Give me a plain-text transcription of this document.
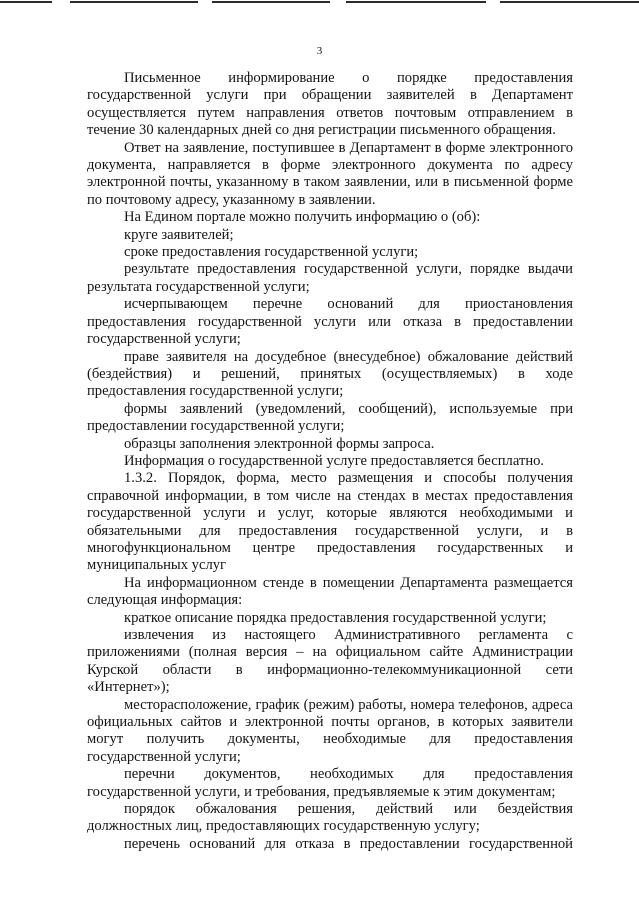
3

Письменное информирование о порядке предоставления государственной услуги при обращении заявителей в Департамент осуществляется путем направления ответов почтовым отправлением в течение 30 календарных дней со дня регистрации письменного обращения.

Ответ на заявление, поступившее в Департамент в форме электронного документа, направляется в форме электронного документа по адресу электронной почты, указанному в таком заявлении, или в письменной форме по почтовому адресу, указанному в заявлении.

На Едином портале можно получить информацию о (об):

круге заявителей;

сроке предоставления государственной услуги;

результате предоставления государственной услуги, порядке выдачи результата государственной услуги;

исчерпывающем перечне оснований для приостановления предоставления государственной услуги или отказа в предоставлении государственной услуги;

праве заявителя на досудебное (внесудебное) обжалование действий (бездействия) и решений, принятых (осуществляемых) в ходе предоставления государственной услуги;

формы заявлений (уведомлений, сообщений), используемые при предоставлении государственной услуги;

образцы заполнения электронной формы запроса.

Информация о государственной услуге предоставляется бесплатно.

1.3.2. Порядок, форма, место размещения и способы получения справочной информации, в том числе на стендах в местах предоставления государственной услуги и услуг, которые являются необходимыми и обязательными для предоставления государственной услуги, и в многофункциональном центре предоставления государственных и муниципальных услуг

На информационном стенде в помещении Департамента размещается следующая информация:

краткое описание порядка предоставления государственной услуги;

извлечения из настоящего Административного регламента с приложениями (полная версия – на официальном сайте Администрации Курской области в информационно-телекоммуникационной сети «Интернет»);

месторасположение, график (режим) работы, номера телефонов, адреса официальных сайтов и электронной почты органов, в которых заявители могут получить документы, необходимые для предоставления государственной услуги;

перечни документов, необходимых для предоставления государственной услуги, и требования, предъявляемые к этим документам;

порядок обжалования решения, действий или бездействия должностных лиц, предоставляющих государственную услугу;

перечень оснований для отказа в предоставлении государственной
